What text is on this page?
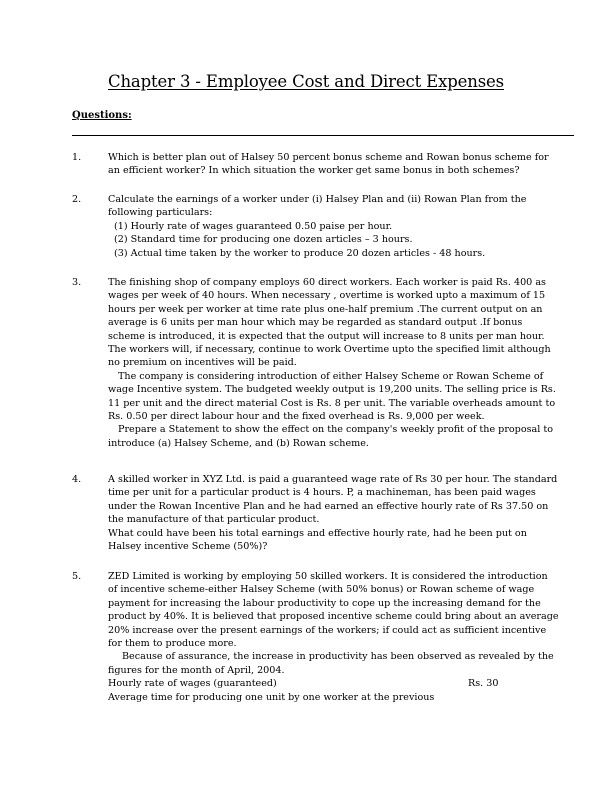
Chapter 3 - Employee Cost and Direct Expenses
Questions:
1.	Which is better plan out of Halsey 50 percent bonus scheme and Rowan bonus scheme for
an efficient worker? In which situation the worker get same bonus in both schemes?
2.	Calculate the earnings of a worker under (i) Halsey Plan and (ii) Rowan Plan from the
following particulars:
(1) Hourly rate of wages guaranteed 0.50 paise per hour.
(2) Standard time for producing one dozen articles – 3 hours.
(3) Actual time taken by the worker to produce 20 dozen articles - 48 hours.
3.	The finishing shop of company employs 60 direct workers. Each worker is paid Rs. 400 as
wages per week of 40 hours. When necessary , overtime is worked upto a maximum of 15
hours per week per worker at time rate plus one-half premium .The current output on an
average is 6 units per man hour which may be regarded as standard output .If bonus
scheme is introduced, it is expected that the output will increase to 8 units per man hour.
The workers will, if necessary, continue to work Overtime upto the specified limit although
no premium on incentives will be paid.
The company is considering introduction of either Halsey Scheme or Rowan Scheme of
wage Incentive system. The budgeted weekly output is 19,200 units. The selling price is Rs.
11 per unit and the direct material Cost is Rs. 8 per unit. The variable overheads amount to
Rs. 0.50 per direct labour hour and the fixed overhead is Rs. 9,000 per week.
Prepare a Statement to show the effect on the company's weekly profit of the proposal to
introduce (a) Halsey Scheme, and (b) Rowan scheme.
4.	A skilled worker in XYZ Ltd. is paid a guaranteed wage rate of Rs 30 per hour. The standard
time per unit for a particular product is 4 hours. P, a machineman, has been paid wages
under the Rowan Incentive Plan and he had earned an effective hourly rate of Rs 37.50 on
the manufacture of that particular product.
What could have been his total earnings and effective hourly rate, had he been put on
Halsey incentive Scheme (50%)?
5.	ZED Limited is working by employing 50 skilled workers. It is considered the introduction
of incentive scheme-either Halsey Scheme (with 50% bonus) or Rowan scheme of wage
payment for increasing the labour productivity to cope up the increasing demand for the
product by 40%. It is believed that proposed incentive scheme could bring about an average
20% increase over the present earnings of the workers; if could act as sufficient incentive
for them to produce more.
Because of assurance, the increase in productivity has been observed as revealed by the
figures for the month of April, 2004.
Hourly rate of wages (guaranteed)	Rs. 30
Average time for producing one unit by one worker at the previous
